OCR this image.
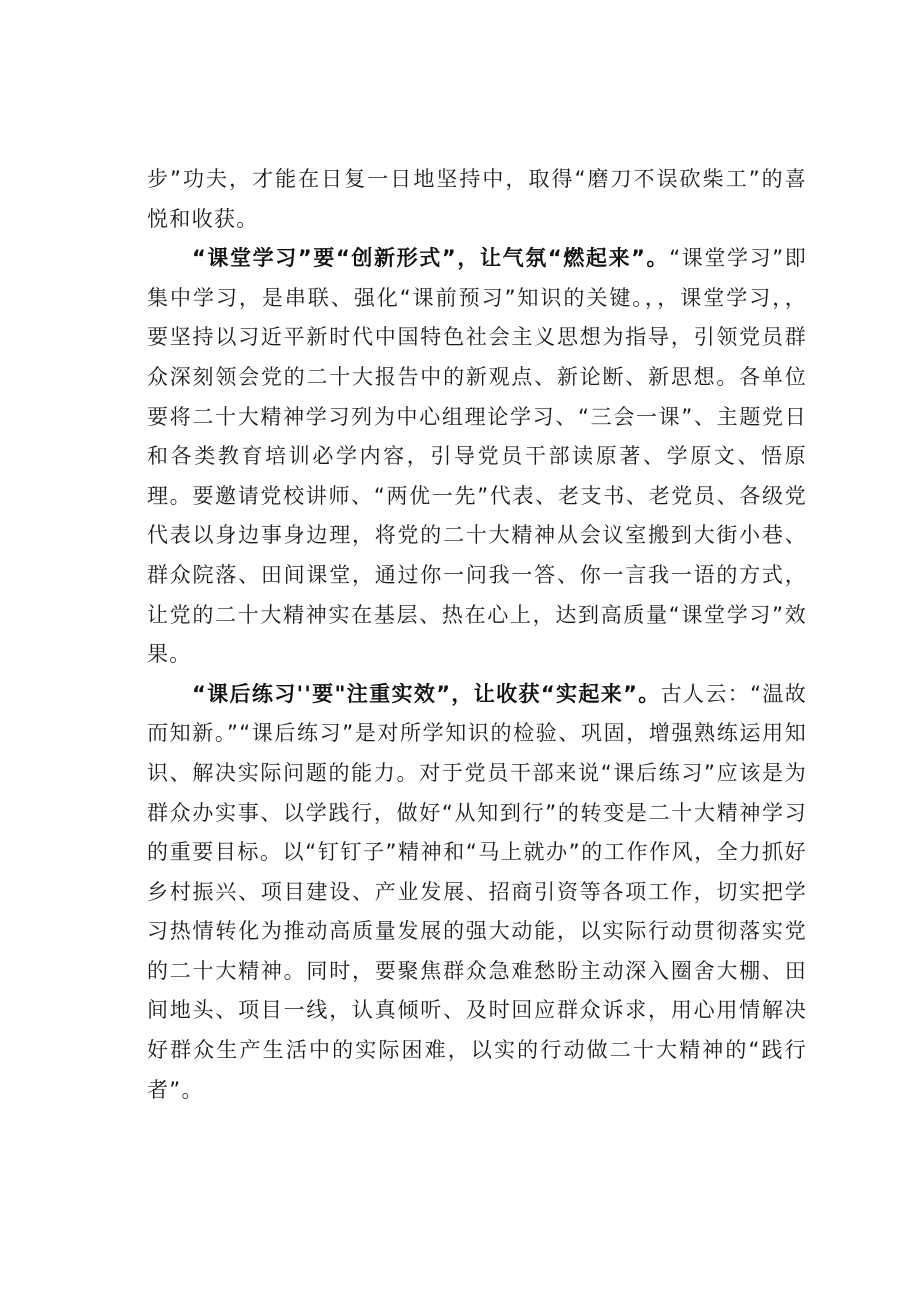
步”功夫，才能在日复一日地坚持中，取得“磨刀不误砍柴工”的喜悦和收获。

“课堂学习”要“创新形式”，让气氛“燃起来”。“课堂学习”即集中学习，是串联、强化“课前预习”知识的关键。，，课堂学习，，要坚持以习近平新时代中国特色社会主义思想为指导，引领党员群众深刻领会党的二十大报告中的新观点、新论断、新思想。各单位要将二十大精神学习列为中心组理论学习、“三会一课”、主题党日和各类教育培训必学内容，引导党员干部读原著、学原文、悟原理。要邀请党校讲师、“两优一先”代表、老支书、老党员、各级党代表以身边事身边理，将党的二十大精神从会议室搬到大街小巷、群众院落、田间课堂，通过你一问我一答、你一言我一语的方式，让党的二十大精神实在基层、热在心上，达到高质量“课堂学习”效果。

“课后练习''要"注重实效”，让收获“实起来”。古人云：“温故而知新。”“课后练习”是对所学知识的检验、巩固，增强熟练运用知识、解决实际问题的能力。对于党员干部来说“课后练习”应该是为群众办实事、以学践行，做好“从知到行”的转变是二十大精神学习的重要目标。以“钉钉子”精神和“马上就办”的工作作风，全力抓好乡村振兴、项目建设、产业发展、招商引资等各项工作，切实把学习热情转化为推动高质量发展的强大动能，以实际行动贯彻落实党的二十大精神。同时，要聚焦群众急难愁盼主动深入圈舍大棚、田间地头、项目一线，认真倾听、及时回应群众诉求，用心用情解决好群众生产生活中的实际困难，以实的行动做二十大精神的“践行者”。
